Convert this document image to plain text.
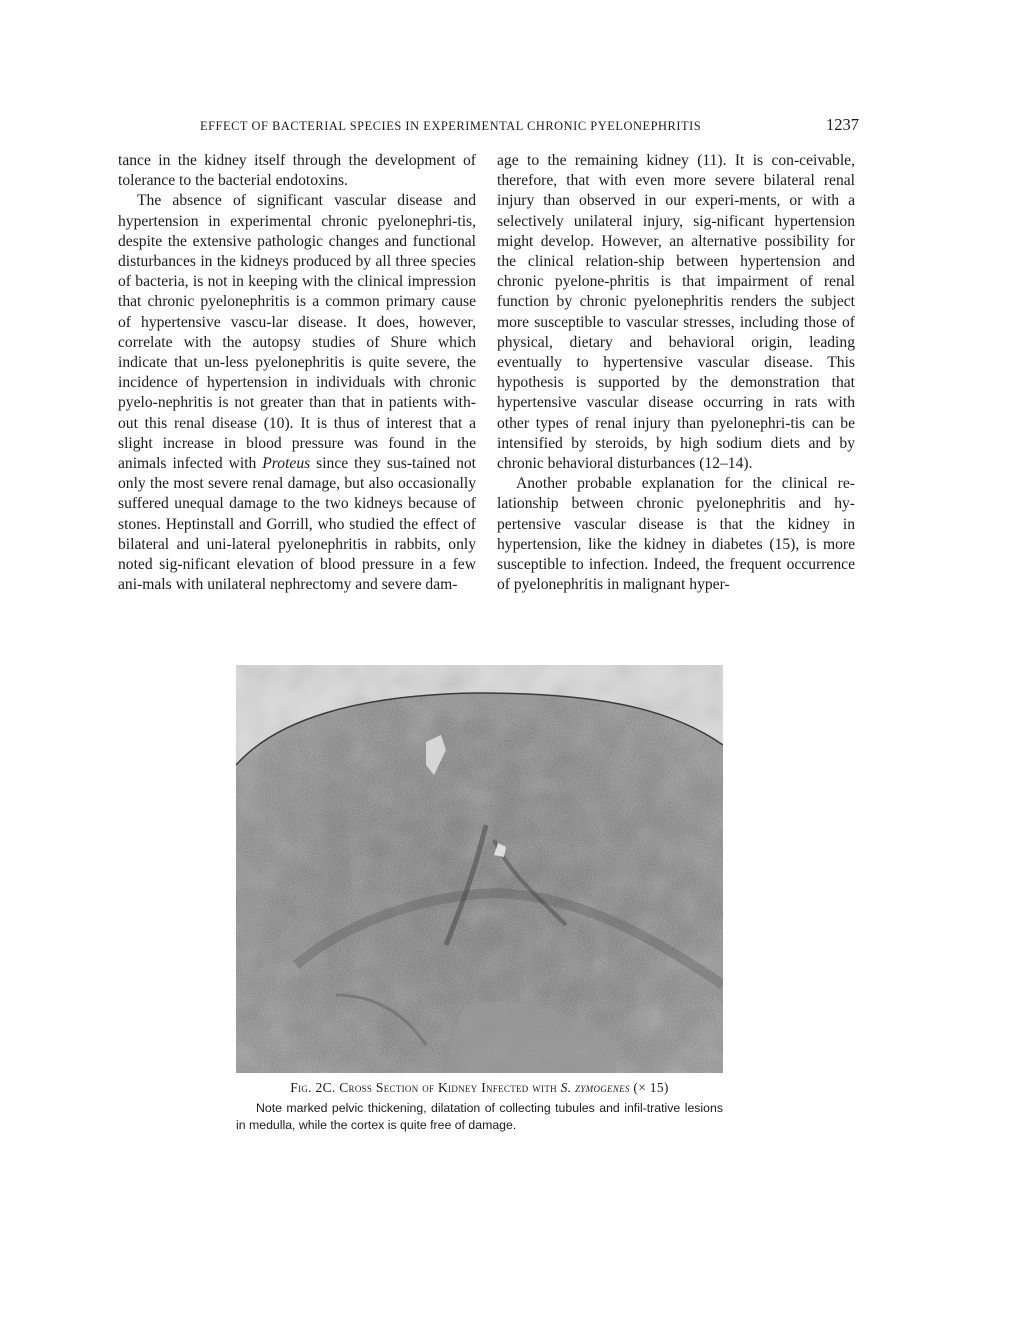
EFFECT OF BACTERIAL SPECIES IN EXPERIMENTAL CHRONIC PYELONEPHRITIS	1237

tance in the kidney itself through the development of tolerance to the bacterial endotoxins.

The absence of significant vascular disease and hypertension in experimental chronic pyelonephri-tis, despite the extensive pathologic changes and functional disturbances in the kidneys produced by all three species of bacteria, is not in keeping with the clinical impression that chronic pyelonephritis is a common primary cause of hypertensive vascu-lar disease. It does, however, correlate with the autopsy studies of Shure which indicate that un-less pyelonephritis is quite severe, the incidence of hypertension in individuals with chronic pyelo-nephritis is not greater than that in patients with-out this renal disease (10). It is thus of interest that a slight increase in blood pressure was found in the animals infected with Proteus since they sus-tained not only the most severe renal damage, but also occasionally suffered unequal damage to the two kidneys because of stones. Heptinstall and Gorrill, who studied the effect of bilateral and uni-lateral pyelonephritis in rabbits, only noted sig-nificant elevation of blood pressure in a few ani-mals with unilateral nephrectomy and severe dam-

age to the remaining kidney (11). It is con-ceivable, therefore, that with even more severe bilateral renal injury than observed in our experi-ments, or with a selectively unilateral injury, sig-nificant hypertension might develop. However, an alternative possibility for the clinical relation-ship between hypertension and chronic pyelone-phritis is that impairment of renal function by chronic pyelonephritis renders the subject more susceptible to vascular stresses, including those of physical, dietary and behavioral origin, leading eventually to hypertensive vascular disease. This hypothesis is supported by the demonstration that hypertensive vascular disease occurring in rats with other types of renal injury than pyelonephri-tis can be intensified by steroids, by high sodium diets and by chronic behavioral disturbances (12–14).

Another probable explanation for the clinical re-lationship between chronic pyelonephritis and hy-pertensive vascular disease is that the kidney in hypertension, like the kidney in diabetes (15), is more susceptible to infection. Indeed, the frequent occurrence of pyelonephritis in malignant hyper-

Fig. 2C. Cross Section of Kidney Infected with S. zymogenes (× 15)

Note marked pelvic thickening, dilatation of collecting tubules and infil-trative lesions in medulla, while the cortex is quite free of damage.
